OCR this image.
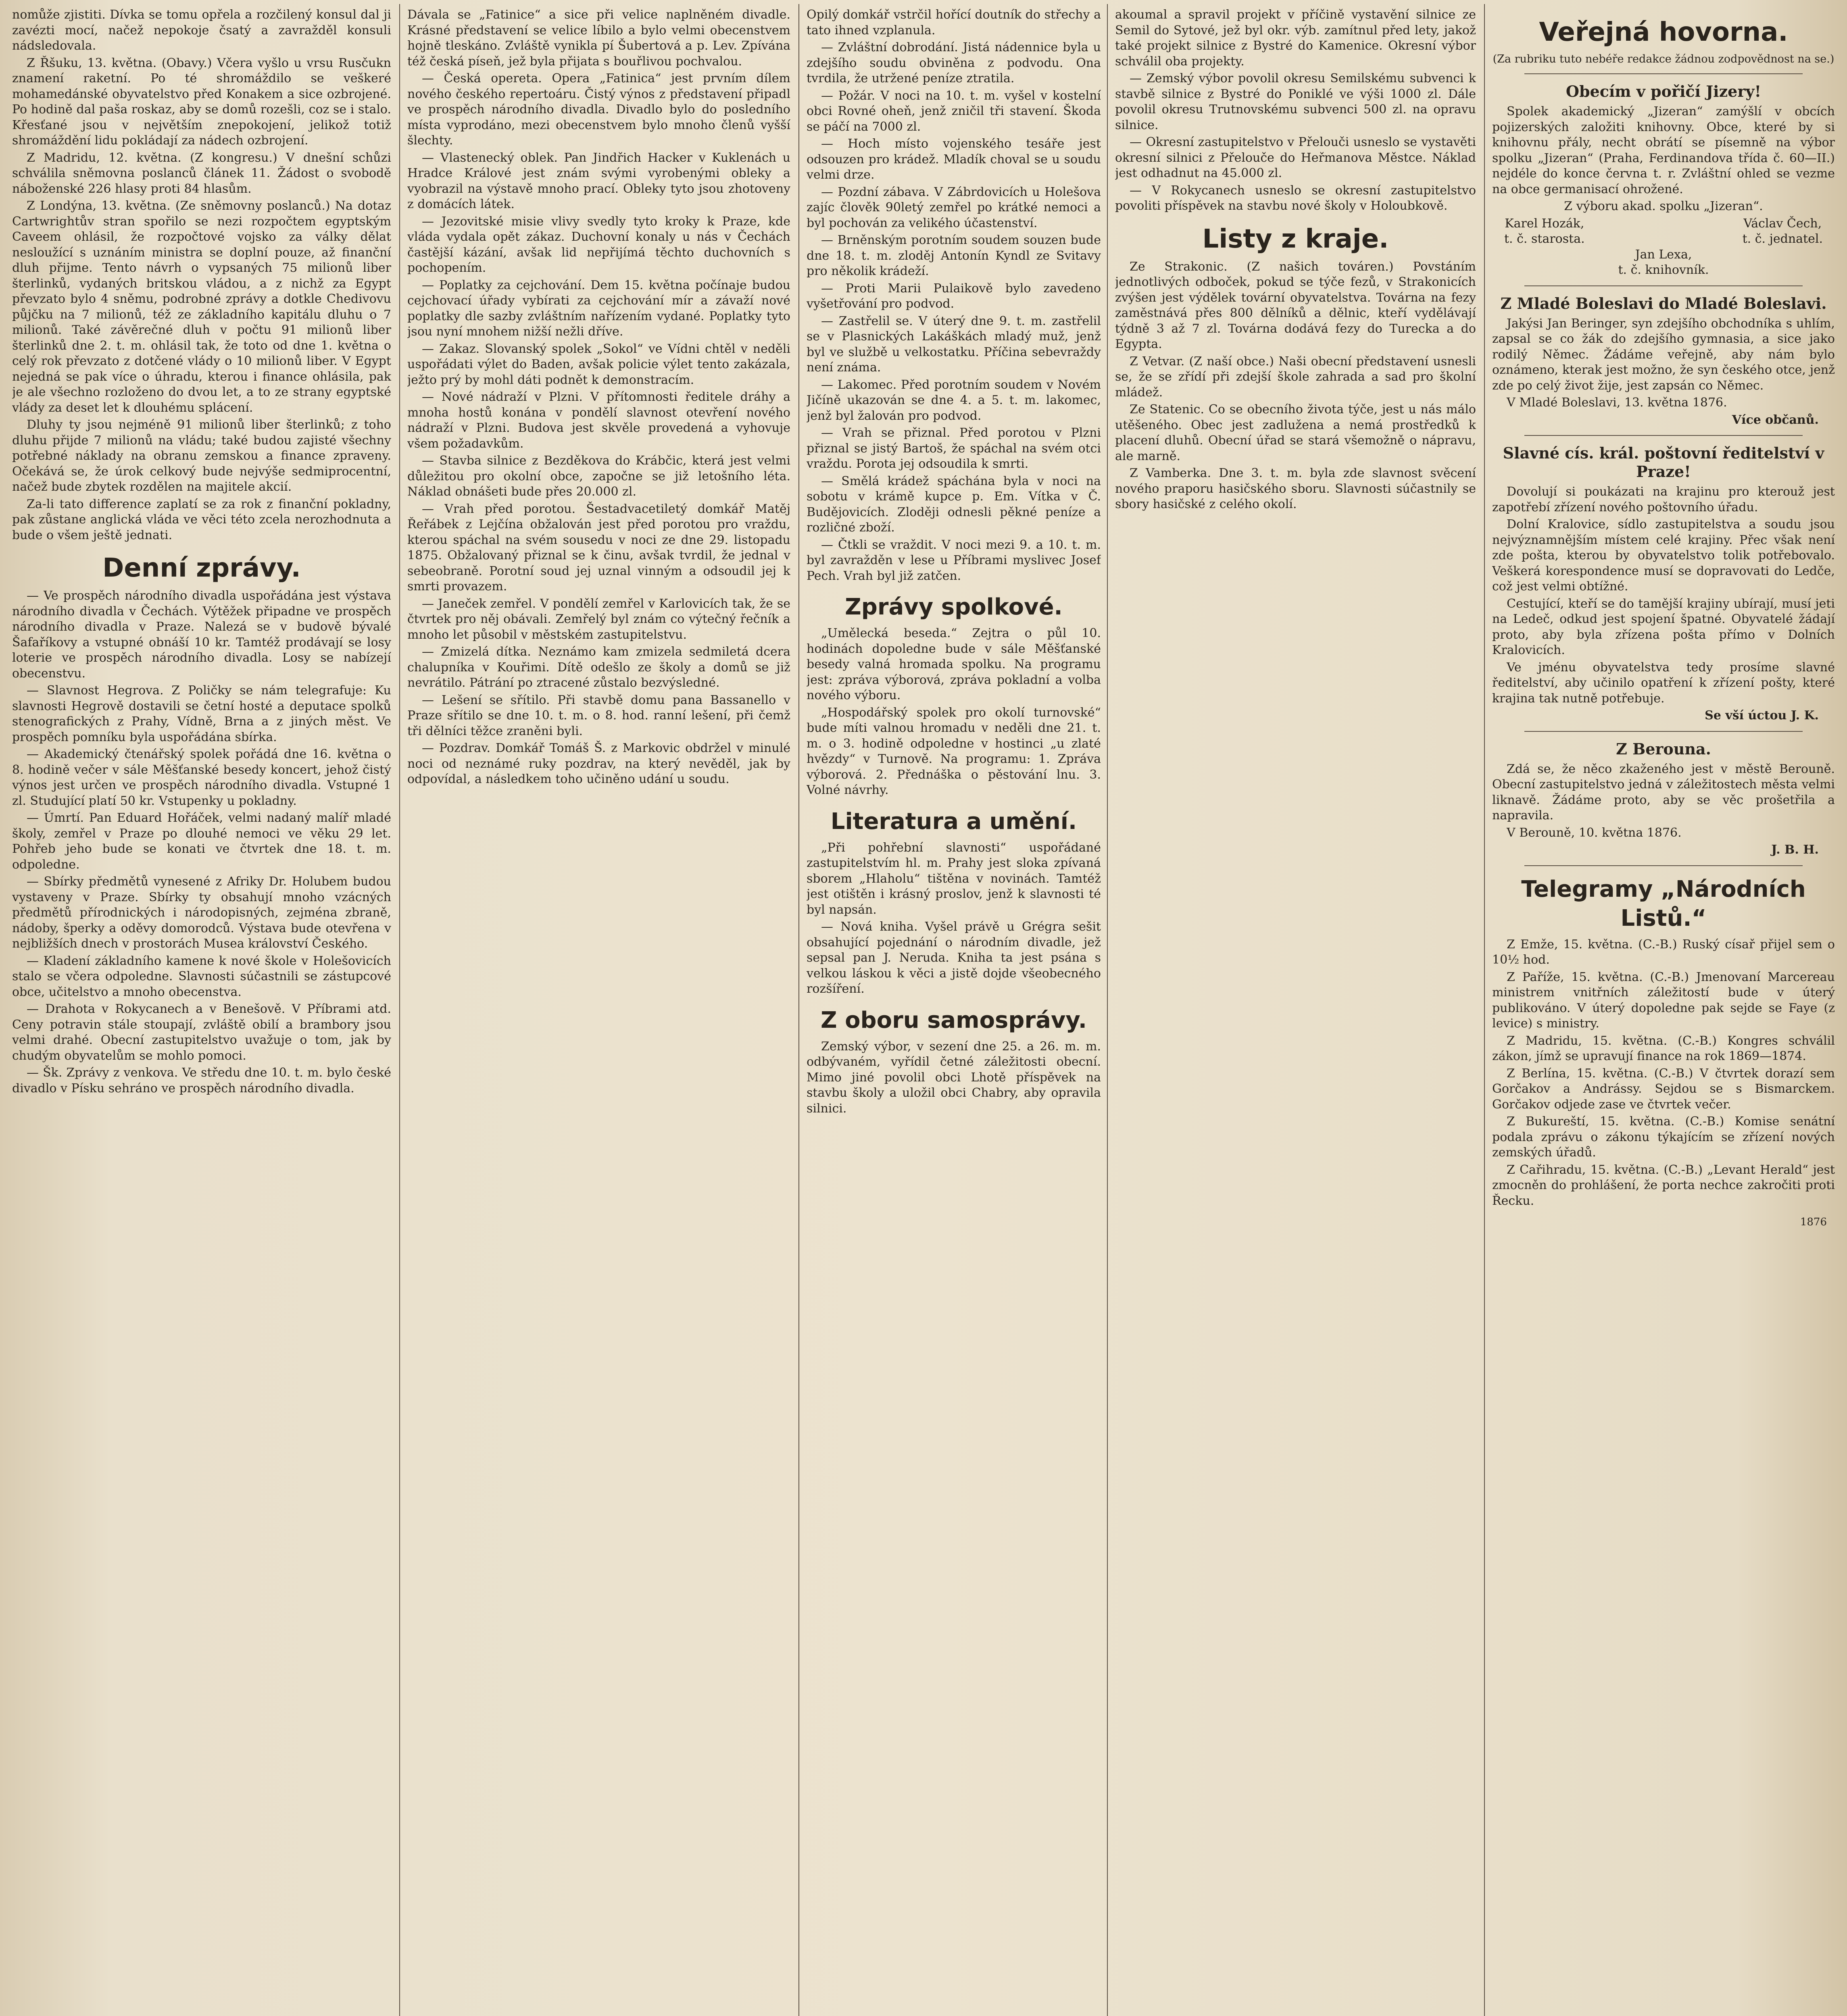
nomůže zjistiti. Dívka se tomu opřela a rozčilený konsul dal ji zavézti mocí, načež nepokoje čsatý a zavražděl konsuli nádsledovala.

Z Řšuku, 13. května. (Obavy.) Včera vyšlo u vrsu Rusčukn znamení raketní. Po té shromáždilo se veškeré mohamedánské obyvatelstvo před Konakem a sice ozbrojené. Po hodině dal paša roskaz, aby se domů rozešli, coz se i stalo. Křesťané jsou v největším znepokojení, jelikož totiž shromáždění lidu pokládají za nádech ozbrojení.

Z Madridu, 12. května. (Z kongresu.) V dnešní schůzi schválila sněmovna poslanců článek 11. Žádost o svobodě náboženské 226 hlasy proti 84 hlasům.

Z Londýna, 13. května. (Ze sněmovny poslanců.) Na dotaz Cartwrightův stran spořilo se nezi rozpočtem egyptským Caveem ohlásil, že rozpočtové vojsko za války dělat nesloužící s uznáním ministra se doplní pouze, až finanční dluh přijme. Tento návrh o vypsaných 75 milionů liber šterlinků, vydaných britskou vládou, a z nichž za Egypt převzato bylo 4 sněmu, podrobné zprávy a dotkle Chedivovu půjčku na 7 milionů, též ze základního kapitálu dluhu o 7 milionů. Také závěrečné dluh v počtu 91 milionů liber šterlinků dne 2. t. m. ohlásil tak, že toto od dne 1. května o celý rok převzato z dotčené vlády o 10 milionů liber. V Egypt nejedná se pak více o úhradu, kterou i finance ohlásila, pak je ale všechno rozloženo do dvou let, a to ze strany egyptské vlády za deset let k dlouhému splácení.

Dluhy ty jsou nejméně 91 milionů liber šterlinků; z toho dluhu přijde 7 milionů na vládu; také budou zajisté všechny potřebné náklady na obranu zemskou a finance zpraveny. Očekává se, že úrok celkový bude nejvýše sedmiprocentní, načež bude zbytek rozdělen na majitele akcií.

Za-li tato difference zaplatí se za rok z finanční pokladny, pak zůstane anglická vláda ve věci této zcela nerozhodnuta a bude o všem ještě jednati.

Denní zprávy.

— Ve prospěch národního divadla uspořádána jest výstava národního divadla v Čechách. Výtěžek připadne ve prospěch národního divadla v Praze. Nalezá se v budově bývalé Šafaříkovy a vstupné obnáší 10 kr. Tamtéž prodávají se losy loterie ve prospěch národního divadla. Losy se nabízejí obecenstvu.

— Slavnost Hegrova. Z Poličky se nám telegrafuje: Ku slavnosti Hegrově dostavili se četní hosté a deputace spolků stenografických z Prahy, Vídně, Brna a z jiných měst. Ve prospěch pomníku byla uspořádána sbírka.

— Akademický čtenářský spolek pořádá dne 16. května o 8. hodině večer v sále Měšťanské besedy koncert, jehož čistý výnos jest určen ve prospěch národního divadla. Vstupné 1 zl. Studující platí 50 kr. Vstupenky u pokladny.

— Úmrtí. Pan Eduard Hořáček, velmi nadaný malíř mladé školy, zemřel v Praze po dlouhé nemoci ve věku 29 let. Pohřeb jeho bude se konati ve čtvrtek dne 18. t. m. odpoledne.

— Sbírky předmětů vynesené z Afriky Dr. Holubem budou vystaveny v Praze. Sbírky ty obsahují mnoho vzácných předmětů přírodnických i národopisných, zejména zbraně, nádoby, šperky a oděvy domorodců. Výstava bude otevřena v nejbližších dnech v prostorách Musea království Českého.

— Kladení základního kamene k nové škole v Holešovicích stalo se včera odpoledne. Slavnosti súčastnili se zástupcové obce, učitelstvo a mnoho obecenstva.

— Drahota v Rokycanech a v Benešově. V Příbrami atd. Ceny potravin stále stoupají, zvláště obilí a brambory jsou velmi drahé. Obecní zastupitelstvo uvažuje o tom, jak by chudým obyvatelům se mohlo pomoci.

— Šk. Zprávy z venkova. Ve středu dne 10. t. m. bylo české divadlo v Písku sehráno ve prospěch národního divadla.

Dávala se „Fatinice“ a sice při velice naplněném divadle. Krásné představení se velice líbilo a bylo velmi obecenstvem hojně tleskáno. Zvláště vynikla pí Šubertová a p. Lev. Zpívána též česká píseň, jež byla přijata s bouřlivou pochvalou.

— Česká opereta. Opera „Fatinica“ jest prvním dílem nového českého repertoáru. Čistý výnos z představení připadl ve prospěch národního divadla. Divadlo bylo do posledního místa vyprodáno, mezi obecenstvem bylo mnoho členů vyšší šlechty.

— Vlastenecký oblek. Pan Jindřich Hacker v Kuklenách u Hradce Králové jest znám svými vyrobenými obleky a vyobrazil na výstavě mnoho prací. Obleky tyto jsou zhotoveny z domácích látek.

— Jezovitské misie vlivy svedly tyto kroky k Praze, kde vláda vydala opět zákaz. Duchovní konaly u nás v Čechách častější kázání, avšak lid nepřijímá těchto duchovních s pochopením.

— Poplatky za cejchování. Dem 15. května počínaje budou cejchovací úřady vybírati za cejchování mír a závaží nové poplatky dle sazby zvláštním nařízením vydané. Poplatky tyto jsou nyní mnohem nižší nežli dříve.

— Zakaz. Slovanský spolek „Sokol“ ve Vídni chtěl v neděli uspořádati výlet do Baden, avšak policie výlet tento zakázala, ježto prý by mohl dáti podnět k demonstracím.

— Nové nádraží v Plzni. V přítomnosti ředitele dráhy a mnoha hostů konána v pondělí slavnost otevření nového nádraží v Plzni. Budova jest skvěle provedená a vyhovuje všem požadavkům.

— Stavba silnice z Bezděkova do Krábčic, která jest velmi důležitou pro okolní obce, započne se již letošního léta. Náklad obnášeti bude přes 20.000 zl.

— Vrah před porotou. Šestadvacetiletý domkář Matěj Řeřábek z Lejčína obžalován jest před porotou pro vraždu, kterou spáchal na svém sousedu v noci ze dne 29. listopadu 1875. Obžalovaný přiznal se k činu, avšak tvrdil, že jednal v sebeobraně. Porotní soud jej uznal vinným a odsoudil jej k smrti provazem.

— Janeček zemřel. V pondělí zemřel v Karlovicích tak, že se čtvrtek pro něj obávali. Zemřelý byl znám co výtečný řečník a mnoho let působil v městském zastupitelstvu.

— Zmizelá dítka. Neznámo kam zmizela sedmiletá dcera chalupníka v Kouřimi. Dítě odešlo ze školy a domů se již nevrátilo. Pátrání po ztracené zůstalo bezvýsledné.

— Lešení se sřítilo. Při stavbě domu pana Bassanello v Praze sřítilo se dne 10. t. m. o 8. hod. ranní lešení, při čemž tři dělníci těžce zraněni byli.

— Pozdrav. Domkář Tomáš Š. z Markovic obdržel v minulé noci od neznámé ruky pozdrav, na který nevěděl, jak by odpovídal, a následkem toho učiněno udání u soudu.

Opilý domkář vstrčil hořící doutník do střechy a tato ihned vzplanula.

— Zvláštní dobrodání. Jistá nádennice byla u zdejšího soudu obviněna z podvodu. Ona tvrdila, že utržené peníze ztratila.

— Požár. V noci na 10. t. m. vyšel v kostelní obci Rovné oheň, jenž zničil tři stavení. Škoda se páčí na 7000 zl.

— Hoch místo vojenského tesáře jest odsouzen pro krádež. Mladík choval se u soudu velmi drze.

— Pozdní zábava. V Zábrdovicích u Holešova zajíc člověk 90letý zemřel po krátké nemoci a byl pochován za velikého účastenství.

— Brněnským porotním soudem souzen bude dne 18. t. m. zloděj Antonín Kyndl ze Svitavy pro několik krádeží.

— Proti Marii Pulaikově bylo zavedeno vyšetřování pro podvod.

— Zastřelil se. V úterý dne 9. t. m. zastřelil se v Plasnických Lakáškách mladý muž, jenž byl ve službě u velkostatku. Příčina sebevraždy není známa.

— Lakomec. Před porotním soudem v Novém Jičíně ukazován se dne 4. a 5. t. m. lakomec, jenž byl žalován pro podvod.

— Vrah se přiznal. Před porotou v Plzni přiznal se jistý Bartoš, že spáchal na svém otci vraždu. Porota jej odsoudila k smrti.

— Smělá krádež spáchána byla v noci na sobotu v krámě kupce p. Em. Vítka v Č. Budějovicích. Zloději odnesli pěkné peníze a rozličné zboží.

— Čtkli se vraždit. V noci mezi 9. a 10. t. m. byl zavražděn v lese u Příbrami myslivec Josef Pech. Vrah byl již zatčen.

Zprávy spolkové.

„Umělecká beseda.“ Zejtra o půl 10. hodinách dopoledne bude v sále Měšťanské besedy valná hromada spolku. Na programu jest: zpráva výborová, zpráva pokladní a volba nového výboru.

„Hospodářský spolek pro okolí turnovské“ bude míti valnou hromadu v neděli dne 21. t. m. o 3. hodině odpoledne v hostinci „u zlaté hvězdy“ v Turnově. Na programu: 1. Zpráva výborová. 2. Přednáška o pěstování lnu. 3. Volné návrhy.

Literatura a umění.

„Při pohřební slavnosti“ uspořádané zastupitelstvím hl. m. Prahy jest sloka zpívaná sborem „Hlaholu“ tištěna v novinách. Tamtéž jest otištěn i krásný proslov, jenž k slavnosti té byl napsán.

— Nová kniha. Vyšel právě u Grégra sešit obsahující pojednání o národním divadle, jež sepsal pan J. Neruda. Kniha ta jest psána s velkou láskou k věci a jistě dojde všeobecného rozšíření.

Z oboru samosprávy.

Zemský výbor, v sezení dne 25. a 26. m. m. odbývaném, vyřídil četné záležitosti obecní. Mimo jiné povolil obci Lhotě příspěvek na stavbu školy a uložil obci Chabry, aby opravila silnici.

akoumal a spravil projekt v příčině vystavění silnice ze Semil do Sytové, jež byl okr. výb. zamítnul před lety, jakož také projekt silnice z Bystré do Kamenice. Okresní výbor schválil oba projekty.

— Zemský výbor povolil okresu Semilskému subvenci k stavbě silnice z Bystré do Poniklé ve výši 1000 zl. Dále povolil okresu Trutnovskému subvenci 500 zl. na opravu silnice.

— Okresní zastupitelstvo v Přelouči usneslo se vystavěti okresní silnici z Přelouče do Heřmanova Městce. Náklad jest odhadnut na 45.000 zl.

— V Rokycanech usneslo se okresní zastupitelstvo povoliti příspěvek na stavbu nové školy v Holoubkově.

Listy z kraje.

Ze Strakonic. (Z našich továren.) Povstáním jednotlivých odboček, pokud se týče fezů, v Strakonicích zvýšen jest výdělek tovární obyvatelstva. Továrna na fezy zaměstnává přes 800 dělníků a dělnic, kteří vydělávají týdně 3 až 7 zl. Továrna dodává fezy do Turecka a do Egypta.

Z Vetvar. (Z naší obce.) Naši obecní představení usnesli se, že se zřídí při zdejší škole zahrada a sad pro školní mládež.

Ze Statenic. Co se obecního života týče, jest u nás málo utěšeného. Obec jest zadlužena a nemá prostředků k placení dluhů. Obecní úřad se stará všemožně o nápravu, ale marně.

Z Vamberka. Dne 3. t. m. byla zde slavnost svěcení nového praporu hasičského sboru. Slavnosti súčastnily se sbory hasičské z celého okolí.

Veřejná hovorna.
(Za rubriku tuto nebéře redakce žádnou zodpovědnost na se.)
Obecím v pořičí Jizery!

Spolek akademický „Jizeran“ zamýšlí v obcích pojizerských založiti knihovny. Obce, které by si knihovnu přály, necht obrátí se písemně na výbor spolku „Jizeran“ (Praha, Ferdinandova třída č. 60—II.) nejdéle do konce června t. r. Zvláštní ohled se vezme na obce germanisací ohrožené.

Z výboru akad. spolku „Jizeran“.

Karel Hozák,
t. č. starosta.
Václav Čech,
t. č. jednatel.
Jan Lexa,
t. č. knihovník.
Z Mladé Boleslavi do Mladé Boleslavi.

Jakýsi Jan Beringer, syn zdejšího obchodníka s uhlím, zapsal se co žák do zdejšího gymnasia, a sice jako rodilý Němec. Žádáme veřejně, aby nám bylo oznámeno, kterak jest možno, že syn českého otce, jenž zde po celý život žije, jest zapsán co Němec.

V Mladé Boleslavi, 13. května 1876.

Více občanů.

Slavné cís. král. poštovní ředitelství v Praze!

Dovolují si poukázati na krajinu pro kterouž jest zapotřebí zřízení nového poštovního úřadu.

Dolní Kralovice, sídlo zastupitelstva a soudu jsou nejvýznamnějším místem celé krajiny. Přec však není zde pošta, kterou by obyvatelstvo tolik potřebovalo. Veškerá korespondence musí se dopravovati do Ledče, což jest velmi obtížné.

Cestující, kteří se do tamější krajiny ubírají, musí jeti na Ledeč, odkud jest spojení špatné. Obyvatelé žádají proto, aby byla zřízena pošta přímo v Dolních Kralovicích.

Ve jménu obyvatelstva tedy prosíme slavné ředitelství, aby učinilo opatření k zřízení pošty, které krajina tak nutně potřebuje.

Se vší úctou J. K.

Z Berouna.

Zdá se, že něco zkaženého jest v městě Berouně. Obecní zastupitelstvo jedná v záležitostech města velmi liknavě. Žádáme proto, aby se věc prošetřila a napravila.

V Berouně, 10. května 1876.

J. B. H.

Telegramy „Národních Listů.“

Z Emže, 15. května. (C.-B.) Ruský císař přijel sem o 10½ hod.

Z Paříže, 15. května. (C.-B.) Jmenovaní Marcereau ministrem vnitřních záležitostí bude v úterý publikováno. V úterý dopoledne pak sejde se Faye (z levice) s ministry.

Z Madridu, 15. května. (C.-B.) Kongres schválil zákon, jímž se upravují finance na rok 1869—1874.

Z Berlína, 15. května. (C.-B.) V čtvrtek dorazí sem Gorčakov a Andrássy. Sejdou se s Bismarckem. Gorčakov odjede zase ve čtvrtek večer.

Z Bukureští, 15. května. (C.-B.) Komise senátní podala zprávu o zákonu týkajícím se zřízení nových zemských úřadů.

Z Cařihradu, 15. května. (C.-B.) „Levant Herald“ jest zmocněn do prohlášení, že porta nechce zakročiti proti Řecku.

1876
